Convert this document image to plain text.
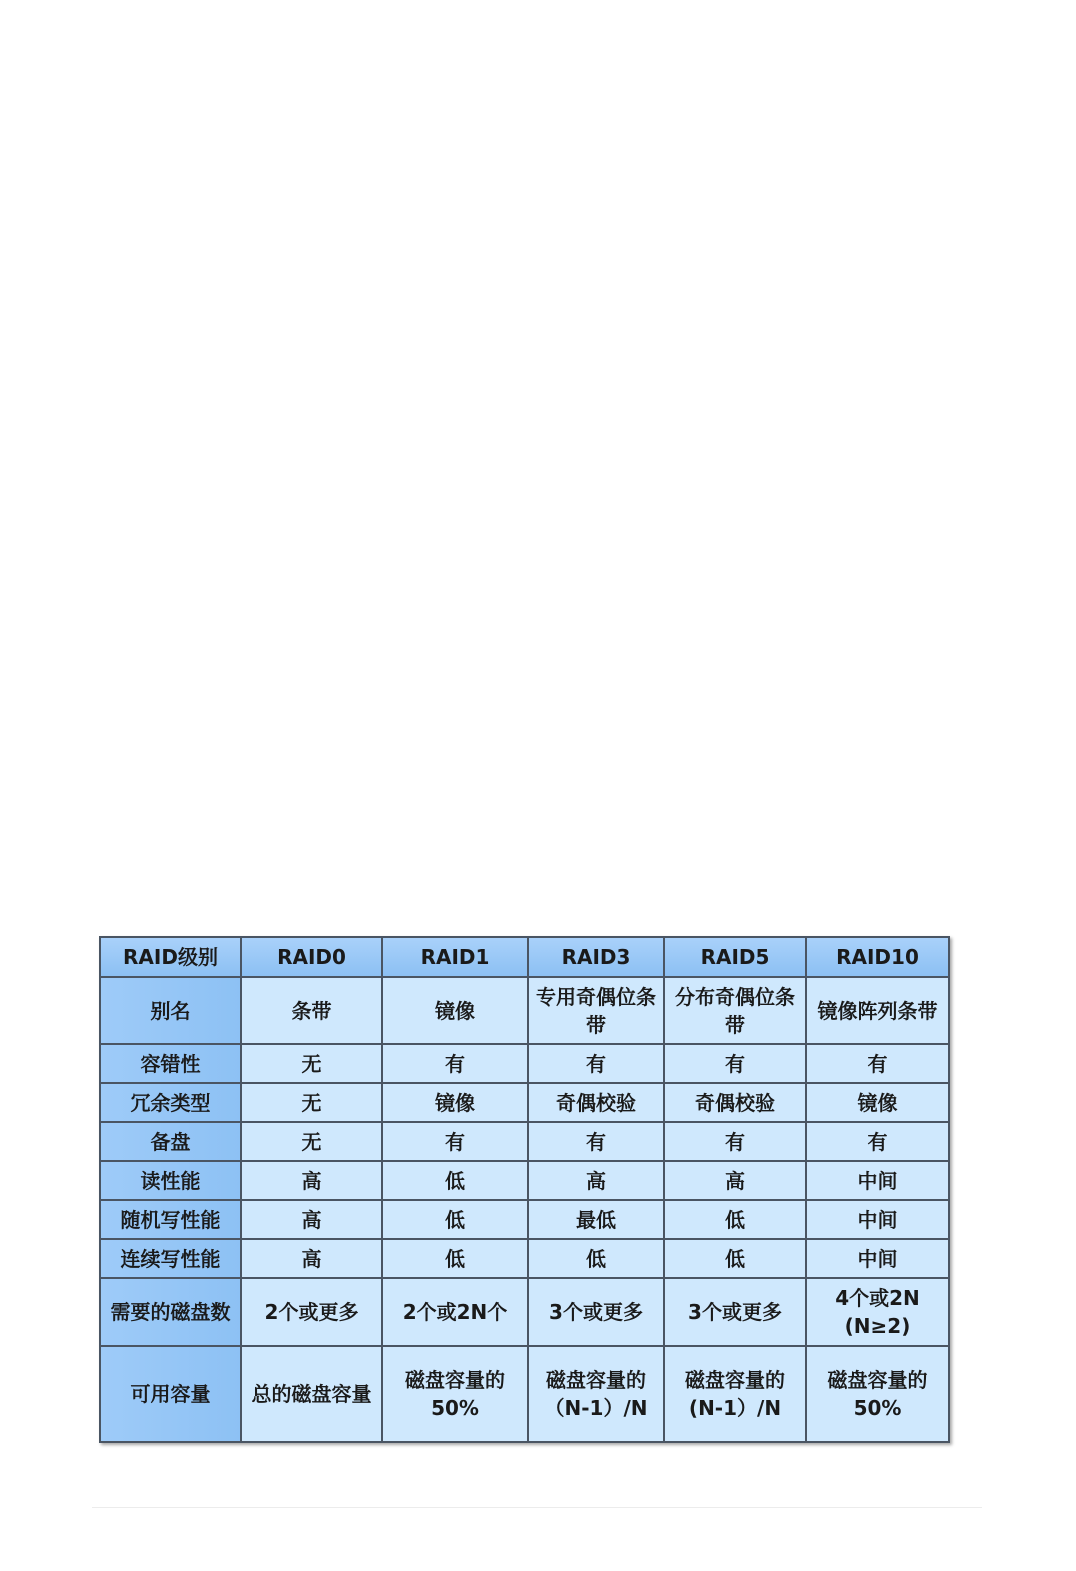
RAID级别	RAID0	RAID1	RAID3	RAID5	RAID10
别名	条带	镜像	专用奇偶位条带	分布奇偶位条带	镜像阵列条带
容错性	无	有	有	有	有
冗余类型	无	镜像	奇偶校验	奇偶校验	镜像
备盘	无	有	有	有	有
读性能	高	低	高	高	中间
随机写性能	高	低	最低	低	中间
连续写性能	高	低	低	低	中间
需要的磁盘数	2个或更多	2个或2N个	3个或更多	3个或更多	4个或2N (N≥2)
可用容量	总的磁盘容量	磁盘容量的50%	磁盘容量的（N-1）/N	磁盘容量的(N-1）/N	磁盘容量的50%
